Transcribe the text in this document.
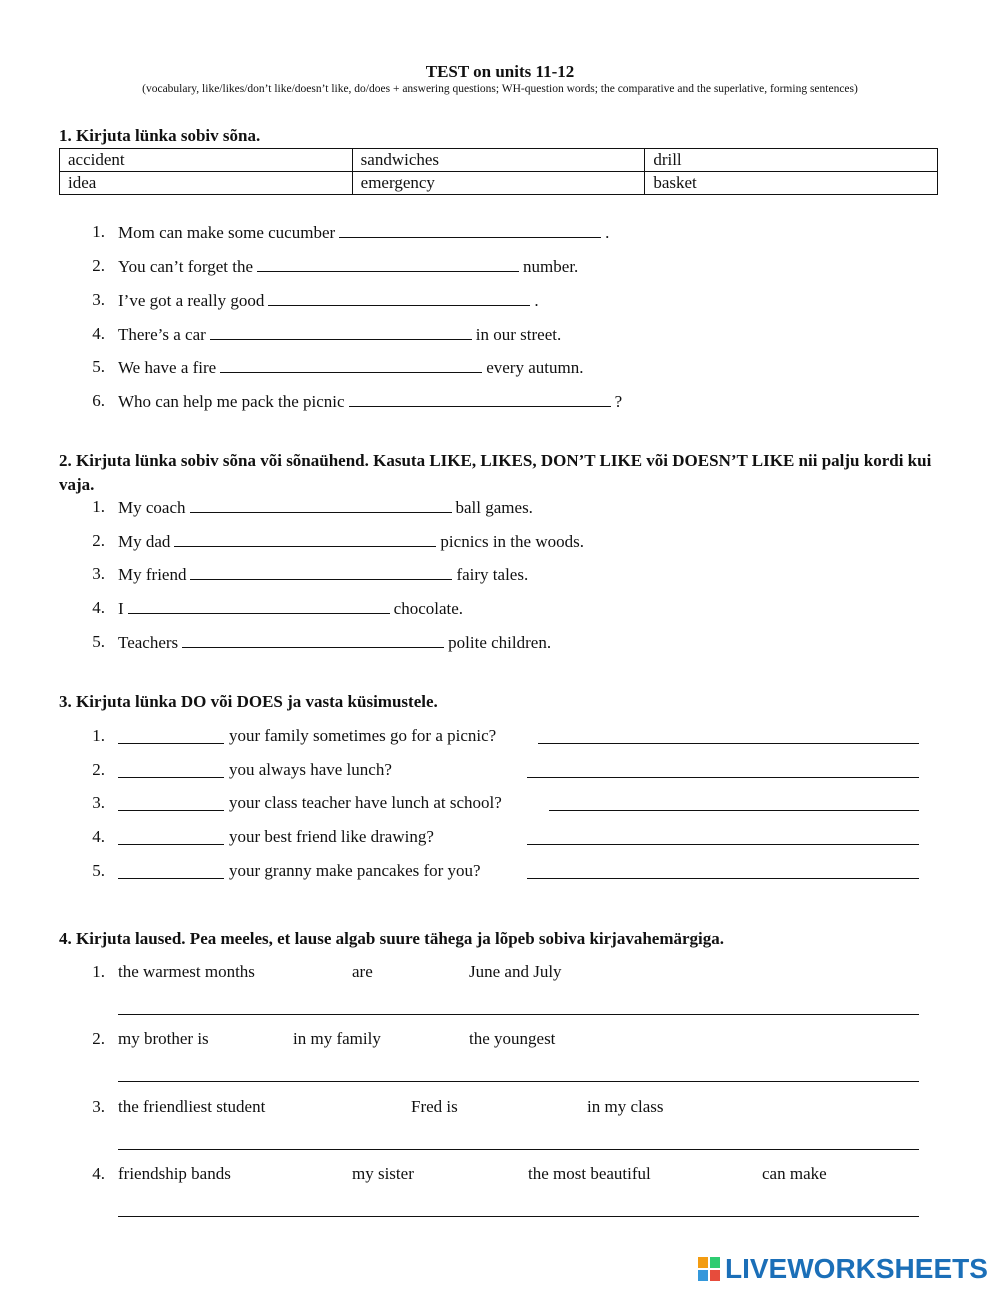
TEST on units 11-12
(vocabulary, like/likes/don’t like/doesn’t like, do/does + answering questions; WH-question words; the comparative and the superlative, forming sentences)
1. Kirjuta lünka sobiv sõna.
accident	sandwiches	drill
idea	emergency	basket
1. Mom can make some cucumber	.
2. You can’t forget the	number.
3. I’ve got a really good	.
4. There’s a car	in our street.
5. We have a fire	every autumn.
6. Who can help me pack the picnic	?
2. Kirjuta lünka sobiv sõna või sõnaühend. Kasuta LIKE, LIKES, DON’T LIKE või DOESN’T LIKE nii palju kordi kui vaja.
1. My coach	ball games.
2. My dad	picnics in the woods.
3. My friend	fairy tales.
4. I	chocolate.
5. Teachers	polite children.
3. Kirjuta lünka DO või DOES ja vasta küsimustele.
1.	your family sometimes go for a picnic?
2.	you always have lunch?
3.	your class teacher have lunch at school?
4.	your best friend like drawing?
5.	your granny make pancakes for you?
4. Kirjuta laused. Pea meeles, et lause algab suure tähega ja lõpeb sobiva kirjavahemärgiga.
1. the warmest months	are	June and July
2. my brother is	in my family	the youngest
3. the friendliest student	Fred is	in my class
4. friendship bands	my sister	the most beautiful	can make
LIVEWORKSHEETS
